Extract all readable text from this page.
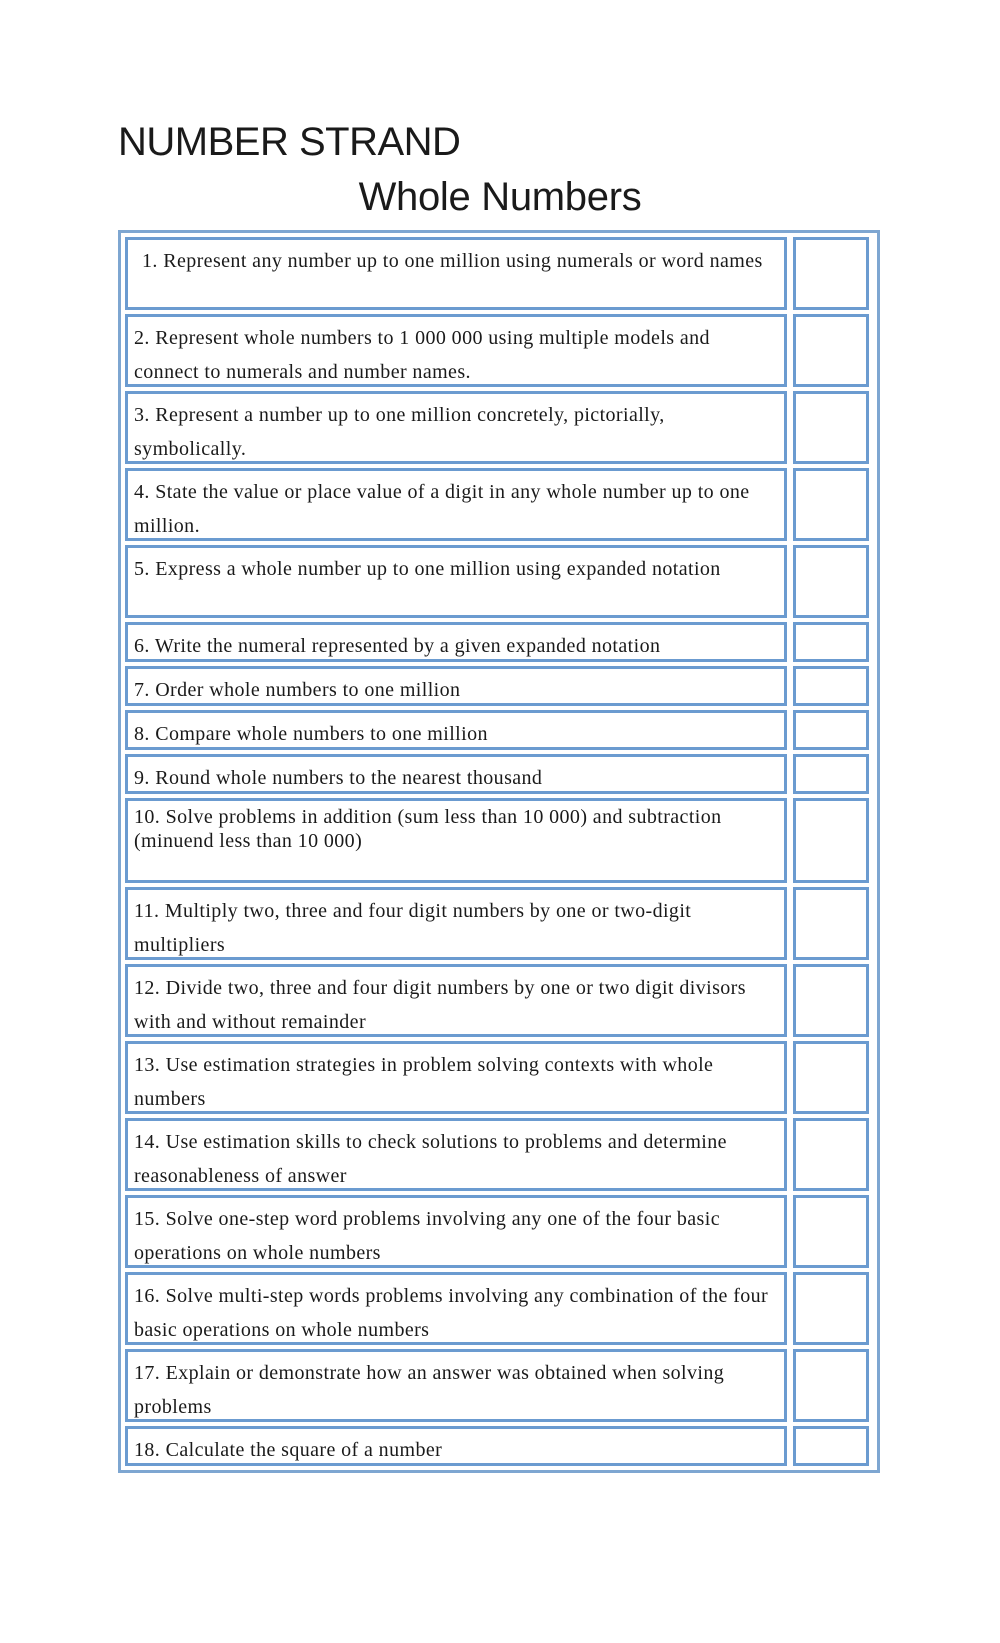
NUMBER STRAND
Whole Numbers
1. Represent any number up to one million using numerals or word names
2. Represent whole numbers to 1 000 000 using multiple models and connect to numerals and number names.
3. Represent a number up to one million concretely, pictorially, symbolically.
4. State the value or place value of a digit in any whole number up to one million.
5. Express a whole number up to one million using expanded notation
6. Write the numeral represented by a given expanded notation
7. Order whole numbers to one million
8. Compare whole numbers to one million
9. Round whole numbers to the nearest thousand
10. Solve problems in addition (sum less than 10 000) and subtraction (minuend less than 10 000)
11. Multiply two, three and four digit numbers by one or two-digit multipliers
12. Divide two, three and four digit numbers by one or two digit divisors with and without remainder
13. Use estimation strategies in problem solving contexts with whole numbers
14. Use estimation skills to check solutions to problems and determine reasonableness of answer
15. Solve one-step word problems involving any one of the four basic operations on whole numbers
16. Solve multi-step words problems involving any combination of the four basic operations on whole numbers
17. Explain or demonstrate how an answer was obtained when solving problems
18. Calculate the square of a number
